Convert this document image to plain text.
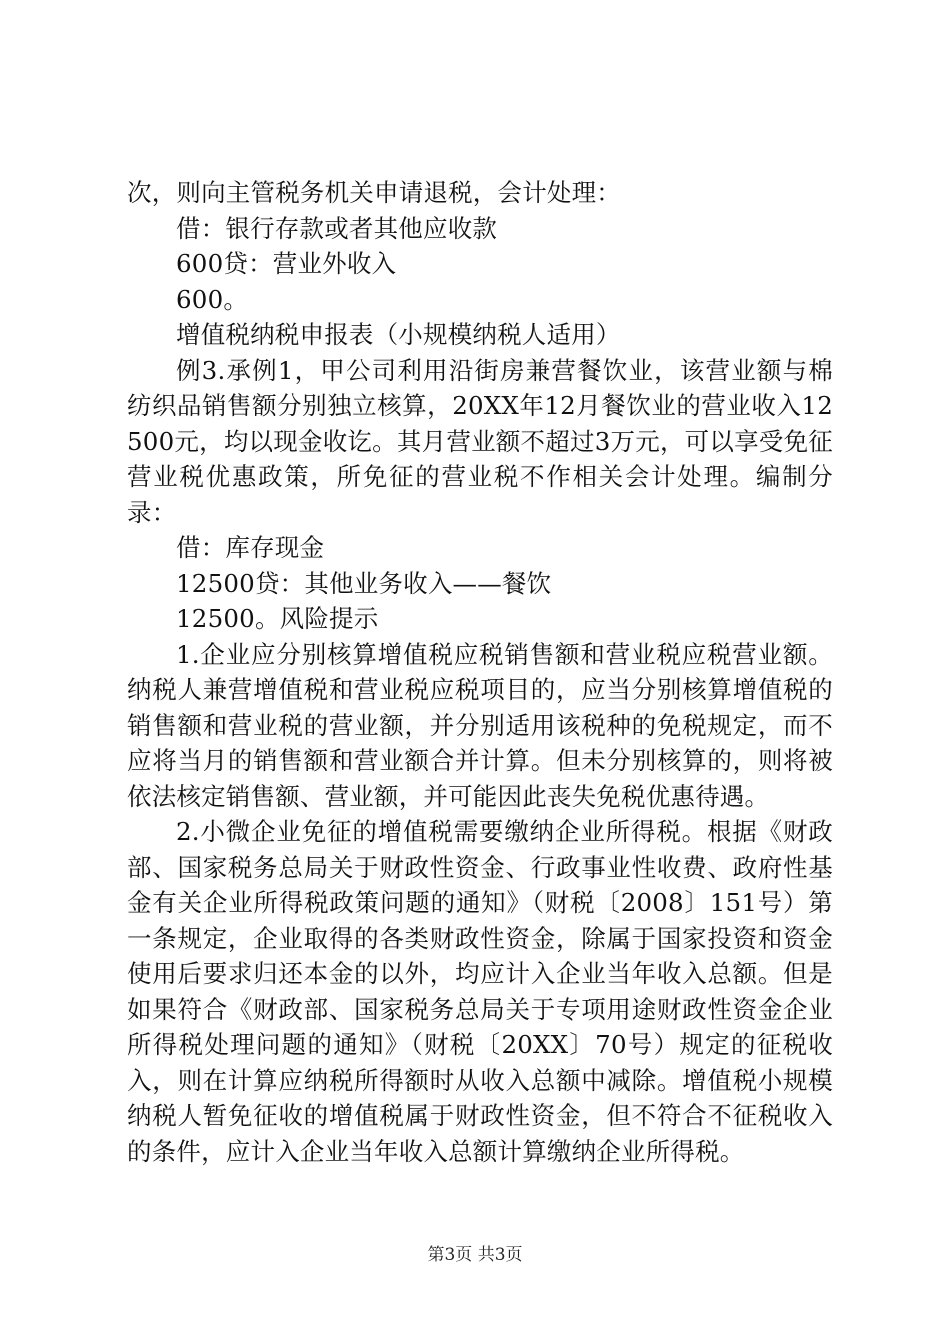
次，则向主管税务机关申请退税，会计处理：

借：银行存款或者其他应收款

600贷：营业外收入

600。

增值税纳税申报表（小规模纳税人适用）

例3.承例1，甲公司利用沿街房兼营餐饮业，该营业额与棉纺织品销售额分别独立核算，20XX年12月餐饮业的营业收入12500元，均以现金收讫。其月营业额不超过3万元，可以享受免征营业税优惠政策，所免征的营业税不作相关会计处理。编制分录：

借：库存现金

12500贷：其他业务收入——餐饮

12500。风险提示

1.企业应分别核算增值税应税销售额和营业税应税营业额。纳税人兼营增值税和营业税应税项目的，应当分别核算增值税的销售额和营业税的营业额，并分别适用该税种的免税规定，而不应将当月的销售额和营业额合并计算。但未分别核算的，则将被依法核定销售额、营业额，并可能因此丧失免税优惠待遇。

2.小微企业免征的增值税需要缴纳企业所得税。根据《财政部、国家税务总局关于财政性资金、行政事业性收费、政府性基金有关企业所得税政策问题的通知》（财税〔2008〕151号）第一条规定，企业取得的各类财政性资金，除属于国家投资和资金使用后要求归还本金的以外，均应计入企业当年收入总额。但是如果符合《财政部、国家税务总局关于专项用途财政性资金企业所得税处理问题的通知》（财税〔20XX〕70号）规定的征税收入，则在计算应纳税所得额时从收入总额中减除。增值税小规模纳税人暂免征收的增值税属于财政性资金，但不符合不征税收入的条件，应计入企业当年收入总额计算缴纳企业所得税。

第3页 共3页
